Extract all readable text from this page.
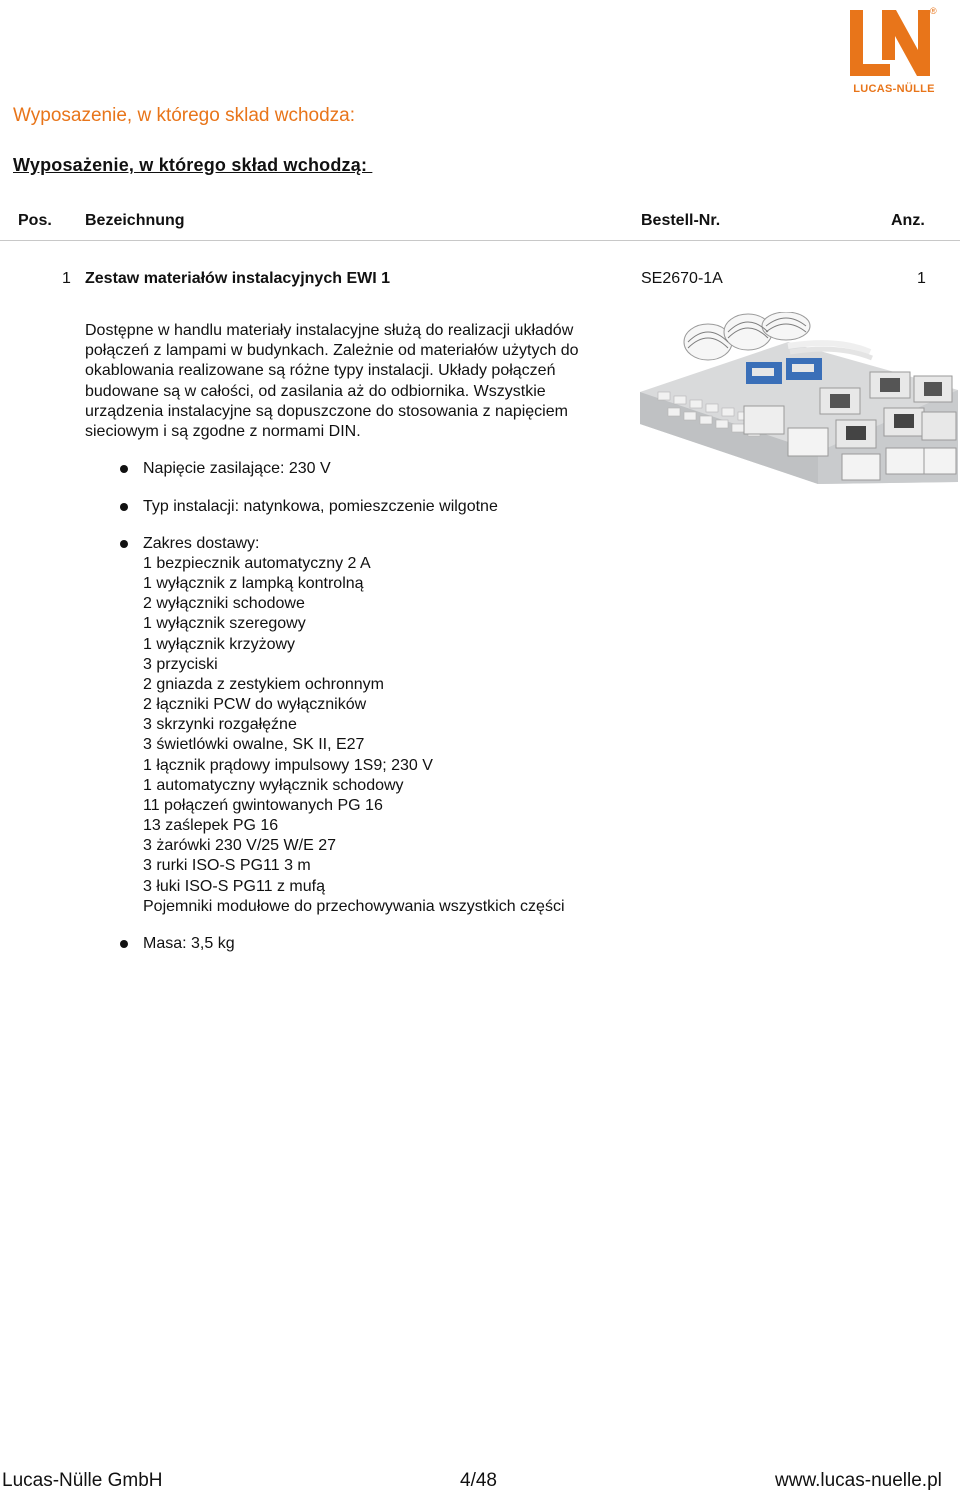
®
LUCAS-NÜLLE
Wyposazenie, w którego sklad wchodza:
Wyposażenie, w którego skład wchodzą:
Pos. Bezeichnung	Bestell-Nr.	Anz.
1 Zestaw materiałów instalacyjnych EWI 1	SE2670-1A	1

Dostępne w handlu materiały instalacyjne służą do realizacji układów

połączeń z lampami w budynkach. Zależnie od materiałów użytych do

okablowania realizowane są różne typy instalacji. Układy połączeń

budowane są w całości, od zasilania aż do odbiornika. Wszystkie

urządzenia instalacyjne są dopuszczone do stosowania z napięciem

sieciowym i są zgodne z normami DIN.

Napięcie zasilające: 230 V
Typ instalacji: natynkowa, pomieszczenie wilgotne
Zakres dostawy:
Masa: 3,5 kg
1 bezpiecznik automatyczny 2 A
1 wyłącznik z lampką kontrolną
2 wyłączniki schodowe
1 wyłącznik szeregowy
1 wyłącznik krzyżowy
3 przyciski
2 gniazda z zestykiem ochronnym
2 łączniki PCW do wyłączników
3 skrzynki rozgałęźne
3 świetlówki owalne, SK II, E27
1 łącznik prądowy impulsowy 1S9; 230 V
1 automatyczny wyłącznik schodowy
11 połączeń gwintowanych PG 16
13 zaślepek PG 16
3 żarówki 230 V/25 W/E 27
3 rurki ISO-S PG11 3 m
3 łuki ISO-S PG11 z mufą
Pojemniki modułowe do przechowywania wszystkich części
Lucas-Nülle GmbH	4/48	www.lucas-nuelle.pl
